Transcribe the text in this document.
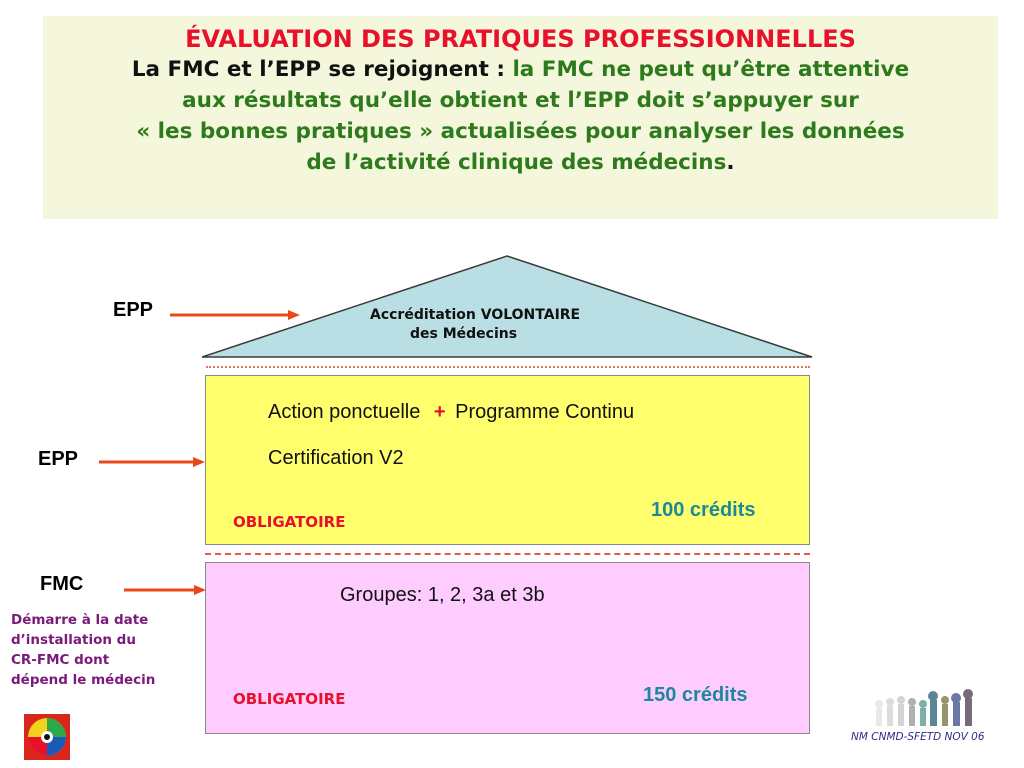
ÉVALUATION DES PRATIQUES PROFESSIONNELLES
La FMC et l’EPP se rejoignent : la FMC ne peut qu’être attentive
aux résultats qu’elle obtient et l’EPP doit s’appuyer sur
« les bonnes pratiques » actualisées pour analyser les données
de l’activité clinique des médecins.
Accréditation VOLONTAIRE
des Médecins
EPP
Action ponctuelle + Programme Continu
Certification V2
100 crédits
OBLIGATOIRE
EPP
Groupes: 1, 2, 3a et 3b
150 crédits
OBLIGATOIRE
FMC
Démarre à la date
d’installation du
CR-FMC dont
dépend le médecin
NM CNMD-SFETD NOV 06
